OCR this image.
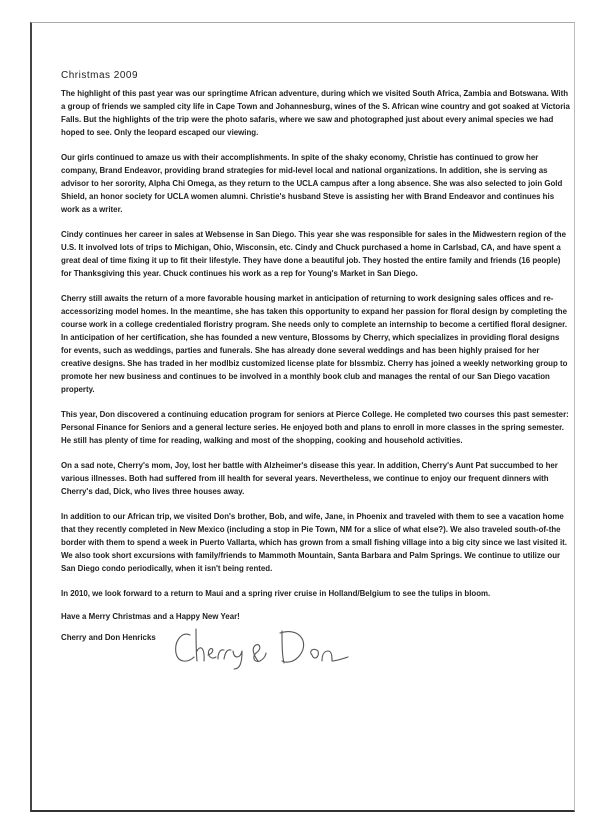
Christmas 2009

The highlight of this past year was our springtime African adventure, during which we visited South Africa, Zambia and Botswana. With a group of friends we sampled city life in Cape Town and Johannesburg, wines of the S. African wine country and got soaked at Victoria Falls. But the highlights of the trip were the photo safaris, where we saw and photographed just about every animal species we had hoped to see. Only the leopard escaped our viewing.

Our girls continued to amaze us with their accomplishments. In spite of the shaky economy, Christie has continued to grow her company, Brand Endeavor, providing brand strategies for mid-level local and national organizations. In addition, she is serving as advisor to her sorority, Alpha Chi Omega, as they return to the UCLA campus after a long absence. She was also selected to join Gold Shield, an honor society for UCLA women alumni. Christie's husband Steve is assisting her with Brand Endeavor and continues his work as a writer.

Cindy continues her career in sales at Websense in San Diego. This year she was responsible for sales in the Midwestern region of the U.S. It involved lots of trips to Michigan, Ohio, Wisconsin, etc. Cindy and Chuck purchased a home in Carlsbad, CA, and have spent a great deal of time fixing it up to fit their lifestyle. They have done a beautiful job. They hosted the entire family and friends (16 people) for Thanksgiving this year. Chuck continues his work as a rep for Young's Market in San Diego.

Cherry still awaits the return of a more favorable housing market in anticipation of returning to work designing sales offices and re-accessorizing model homes. In the meantime, she has taken this opportunity to expand her passion for floral design by completing the course work in a college credentialed floristry program. She needs only to complete an internship to become a certified floral designer. In anticipation of her certification, she has founded a new venture, Blossoms by Cherry, which specializes in providing floral designs for events, such as weddings, parties and funerals. She has already done several weddings and has been highly praised for her creative designs. She has traded in her modlbiz customized license plate for blssmbiz. Cherry has joined a weekly networking group to promote her new business and continues to be involved in a monthly book club and manages the rental of our San Diego vacation property.

This year, Don discovered a continuing education program for seniors at Pierce College. He completed two courses this past semester: Personal Finance for Seniors and a general lecture series. He enjoyed both and plans to enroll in more classes in the spring semester. He still has plenty of time for reading, walking and most of the shopping, cooking and household activities.

On a sad note, Cherry's mom, Joy, lost her battle with Alzheimer's disease this year. In addition, Cherry's Aunt Pat succumbed to her various illnesses. Both had suffered from ill health for several years. Nevertheless, we continue to enjoy our frequent dinners with Cherry's dad, Dick, who lives three houses away.

In addition to our African trip, we visited Don's brother, Bob, and wife, Jane, in Phoenix and traveled with them to see a vacation home that they recently completed in New Mexico (including a stop in Pie Town, NM for a slice of what else?). We also traveled south-of-the border with them to spend a week in Puerto Vallarta, which has grown from a small fishing village into a big city since we last visited it. We also took short excursions with family/friends to Mammoth Mountain, Santa Barbara and Palm Springs. We continue to utilize our San Diego condo periodically, when it isn't being rented.

In 2010, we look forward to a return to Maui and a spring river cruise in Holland/Belgium to see the tulips in bloom.

Have a Merry Christmas and a Happy New Year!
Cherry and Don Henricks
